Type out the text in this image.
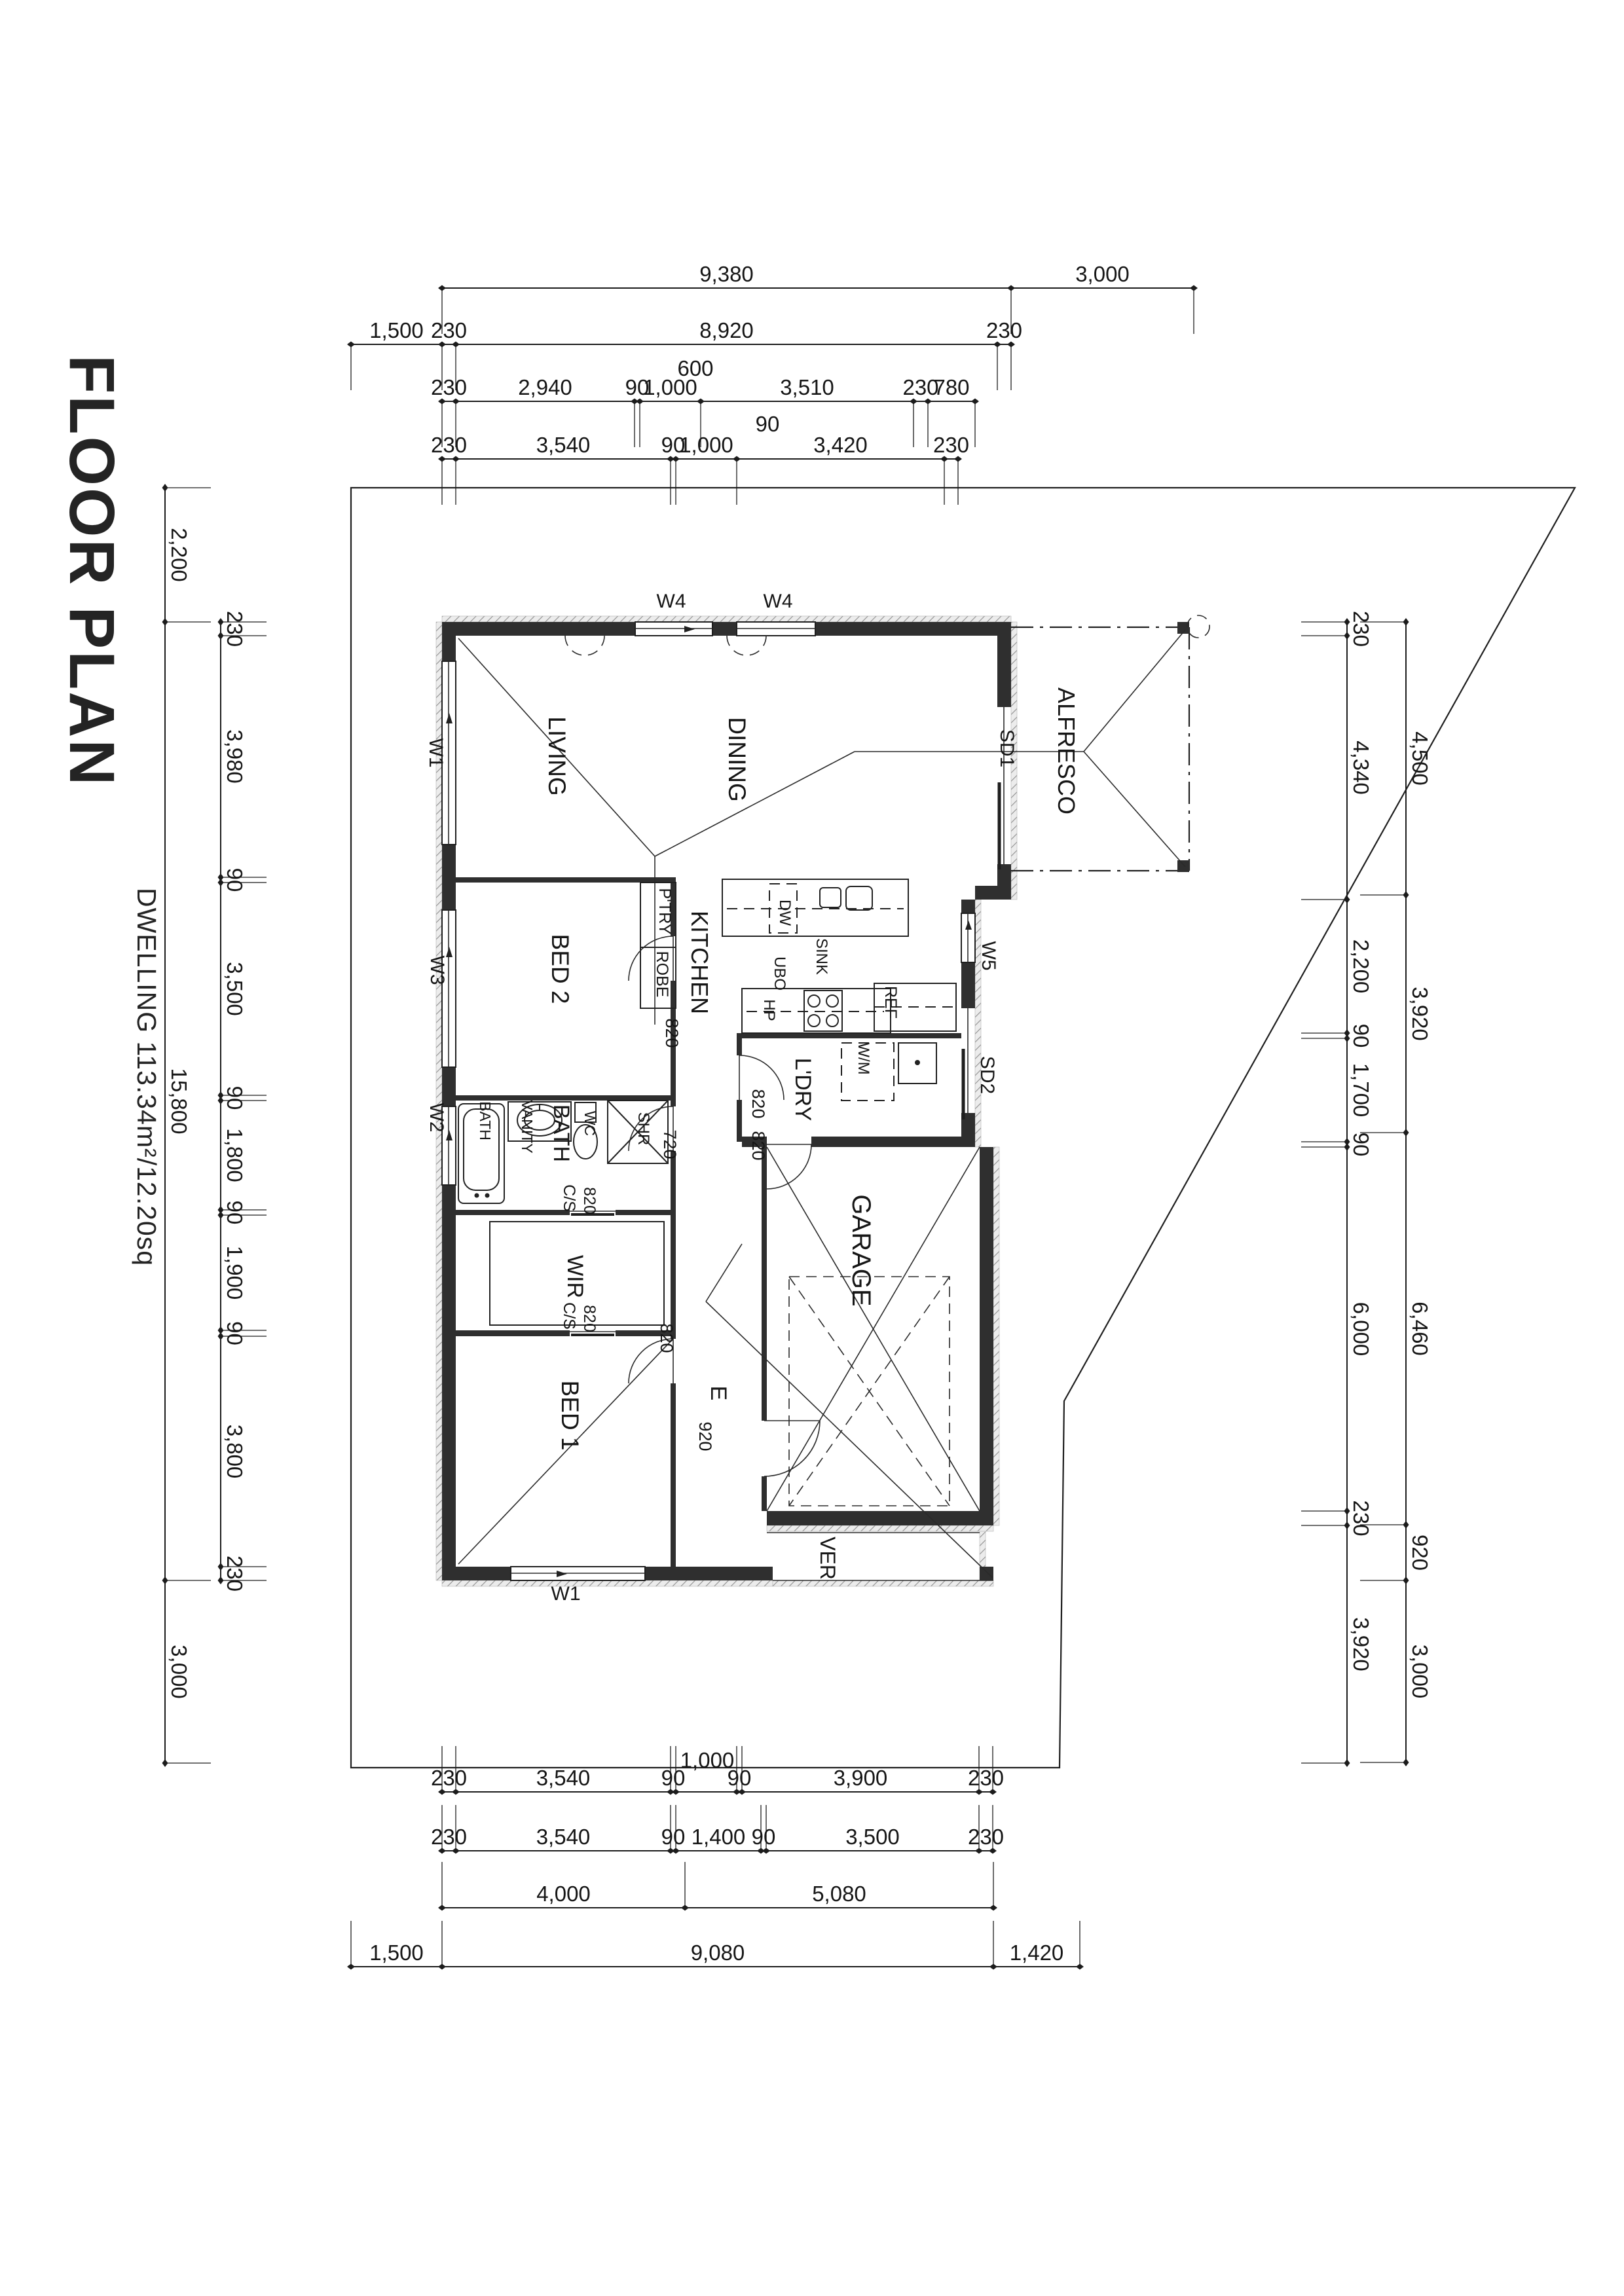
FLOOR PLAN
DWELLING 113.34m²/12.20sq
LIVING	DINING	ALFRESCO
KITCHEN
BED 2
BATH
WIR
BED 1
GARAGE
L'DRY
E
VER
P'TRY
ROBE
SHR
BATH VANITY	WC
DW
SINK
UBO
HP	REF
W/M
W4	W4
W1
W3
W2
W5
SD1
SD2
W1
820
720
C/S 820
C/S 820
820
920
820
820
600
90
1,000
9,380	3,000
1,500 230	8,920	230
230 2,940 90
1,000	3,510	230
780
230	3,540	90
1,000	3,420	230
2,200
15,800
3,000
230
3,980
90
3,500
90
1,800
90
1,900
90
3,800
230
230
4,340
2,200
90
1,700
90
6,000
230
3,920
4,500
3,920
6,460
920
3,000
230	3,540	90 90	3,900	230
230	3,540	90 1,400 90	3,500	230
4,000	5,080
1,500	9,080	1,420
